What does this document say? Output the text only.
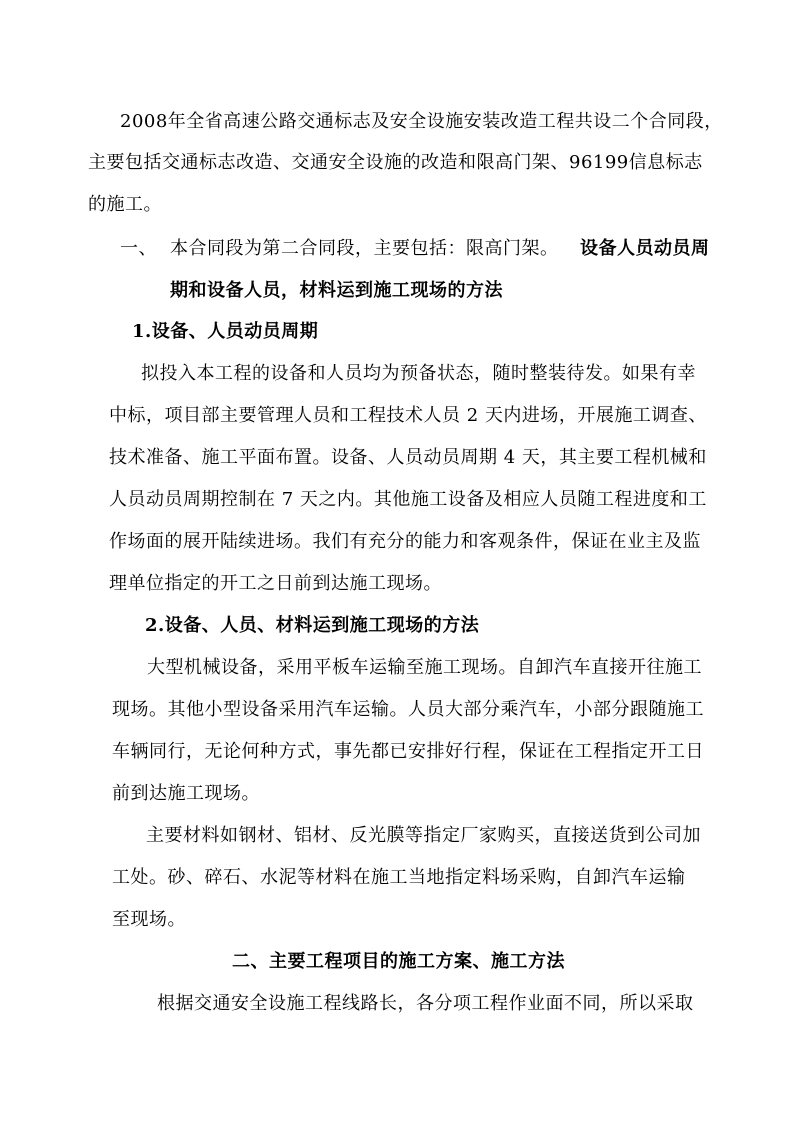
2008年全省高速公路交通标志及安全设施安装改造工程共设二个合同段，
主要包括交通标志改造、交通安全设施的改造和限高门架、96199信息标志
的施工。
一、 本合同段为第二合同段，主要包括：限高门架。 设备人员动员周
期和设备人员，材料运到施工现场的方法
1.设备、人员动员周期
拟投入本工程的设备和人员均为预备状态，随时整装待发。如果有幸
中标，项目部主要管理人员和工程技术人员 2 天内进场，开展施工调查、
技术准备、施工平面布置。设备、人员动员周期 4 天，其主要工程机械和
人员动员周期控制在 7 天之内。其他施工设备及相应人员随工程进度和工
作场面的展开陆续进场。我们有充分的能力和客观条件，保证在业主及监
理单位指定的开工之日前到达施工现场。
2.设备、人员、材料运到施工现场的方法
大型机械设备，采用平板车运输至施工现场。自卸汽车直接开往施工
现场。其他小型设备采用汽车运输。人员大部分乘汽车，小部分跟随施工
车辆同行，无论何种方式，事先都已安排好行程，保证在工程指定开工日
前到达施工现场。
主要材料如钢材、铝材、反光膜等指定厂家购买，直接送货到公司加
工处。砂、碎石、水泥等材料在施工当地指定料场采购，自卸汽车运输
至现场。
二、主要工程项目的施工方案、施工方法
根据交通安全设施工程线路长，各分项工程作业面不同，所以采取
